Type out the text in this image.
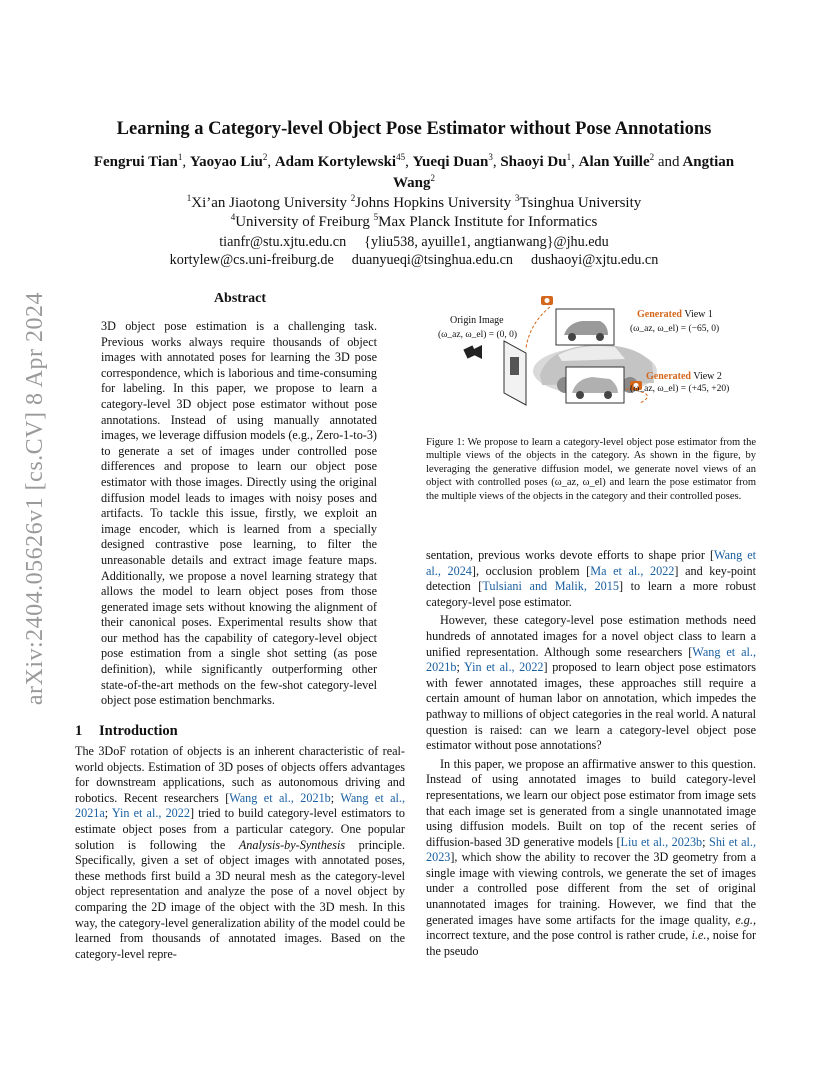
arXiv:2404.05626v1 [cs.CV] 8 Apr 2024
Learning a Category-level Object Pose Estimator without Pose Annotations
Fengrui Tian$^1$, Yaoyao Liu$^2$, Adam Kortylewski$^{45}$, Yueqi Duan$^3$, Shaoyi Du$^1$, Alan Yuille$^2$ and Angtian Wang$^2$
$^1$Xi’an Jiaotong University $^2$Johns Hopkins University $^3$Tsinghua University
$^4$University of Freiburg $^5$Max Planck Institute for Informatics
tianfr@stu.xjtu.edu.cn {yliu538, ayuille1, angtianwang}@jhu.edu
kortylew@cs.uni-freiburg.de duanyueqi@tsinghua.edu.cn dushaoyi@xjtu.edu.cn
Abstract
3D object pose estimation is a challenging task. Previous works always require thousands of object images with annotated poses for learning the 3D pose correspondence, which is laborious and time-consuming for labeling. In this paper, we propose to learn a category-level 3D object pose estimator without pose annotations. Instead of using manually annotated images, we leverage diffusion models (e.g., Zero-1-to-3) to generate a set of images under controlled pose differences and propose to learn our object pose estimator with those images. Directly using the original diffusion model leads to images with noisy poses and artifacts. To tackle this issue, firstly, we exploit an image encoder, which is learned from a specially designed contrastive pose learning, to filter the unreasonable details and extract image feature maps. Additionally, we propose a novel learning strategy that allows the model to learn object poses from those generated image sets without knowing the alignment of their canonical poses. Experimental results show that our method has the capability of category-level object pose estimation from a single shot setting (as pose definition), while significantly outperforming other state-of-the-art methods on the few-shot category-level object pose estimation benchmarks.
Origin Image
(ω_az, ω_el) = (0, 0)
Generated View 1
(ω_az, ω_el) = (−65, 0)
Generated View 2
(ω_az, ω_el) = (+45, +20)
Figure 1: We propose to learn a category-level object pose estimator from the multiple views of the objects in the category. As shown in the figure, by leveraging the generative diffusion model, we generate novel views of an object with controlled poses (ω_az, ω_el) and learn the pose estimator from the multiple views of the objects in the category and their controlled poses.
1 Introduction

The 3DoF rotation of objects is an inherent characteristic of real-world objects. Estimation of 3D poses of objects offers advantages for downstream applications, such as autonomous driving and robotics. Recent researchers [Wang et al., 2021b; Wang et al., 2021a; Yin et al., 2022] tried to build category-level estimators to estimate object poses from a particular category. One popular solution is following the Analysis-by-Synthesis principle. Specifically, given a set of object images with annotated poses, these methods first build a 3D neural mesh as the category-level object representation and analyze the pose of a novel object by comparing the 2D image of the object with the 3D mesh. In this way, the category-level generalization ability of the model could be learned from thousands of annotated images. Based on the category-level repre-

sentation, previous works devote efforts to shape prior [Wang et al., 2024], occlusion problem [Ma et al., 2022] and key-point detection [Tulsiani and Malik, 2015] to learn a more robust category-level pose estimator.

However, these category-level pose estimation methods need hundreds of annotated images for a novel object class to learn a unified representation. Although some researchers [Wang et al., 2021b; Yin et al., 2022] proposed to learn object pose estimators with fewer annotated images, these approaches still require a certain amount of human labor on annotation, which impedes the pathway to millions of object categories in the real world. A natural question is raised: can we learn a category-level object pose estimator without pose annotations?

In this paper, we propose an affirmative answer to this question. Instead of using annotated images to build category-level representations, we learn our object pose estimator from image sets that each image set is generated from a single unannotated image using diffusion models. Built on top of the recent series of diffusion-based 3D generative models [Liu et al., 2023b; Shi et al., 2023], which show the ability to recover the 3D geometry from a single image with viewing controls, we generate the set of images under a controlled pose different from the set of original unannotated images for training. However, we find that the generated images have some artifacts for the image quality, e.g., incorrect texture, and the pose control is rather crude, i.e., noise for the pseudo
